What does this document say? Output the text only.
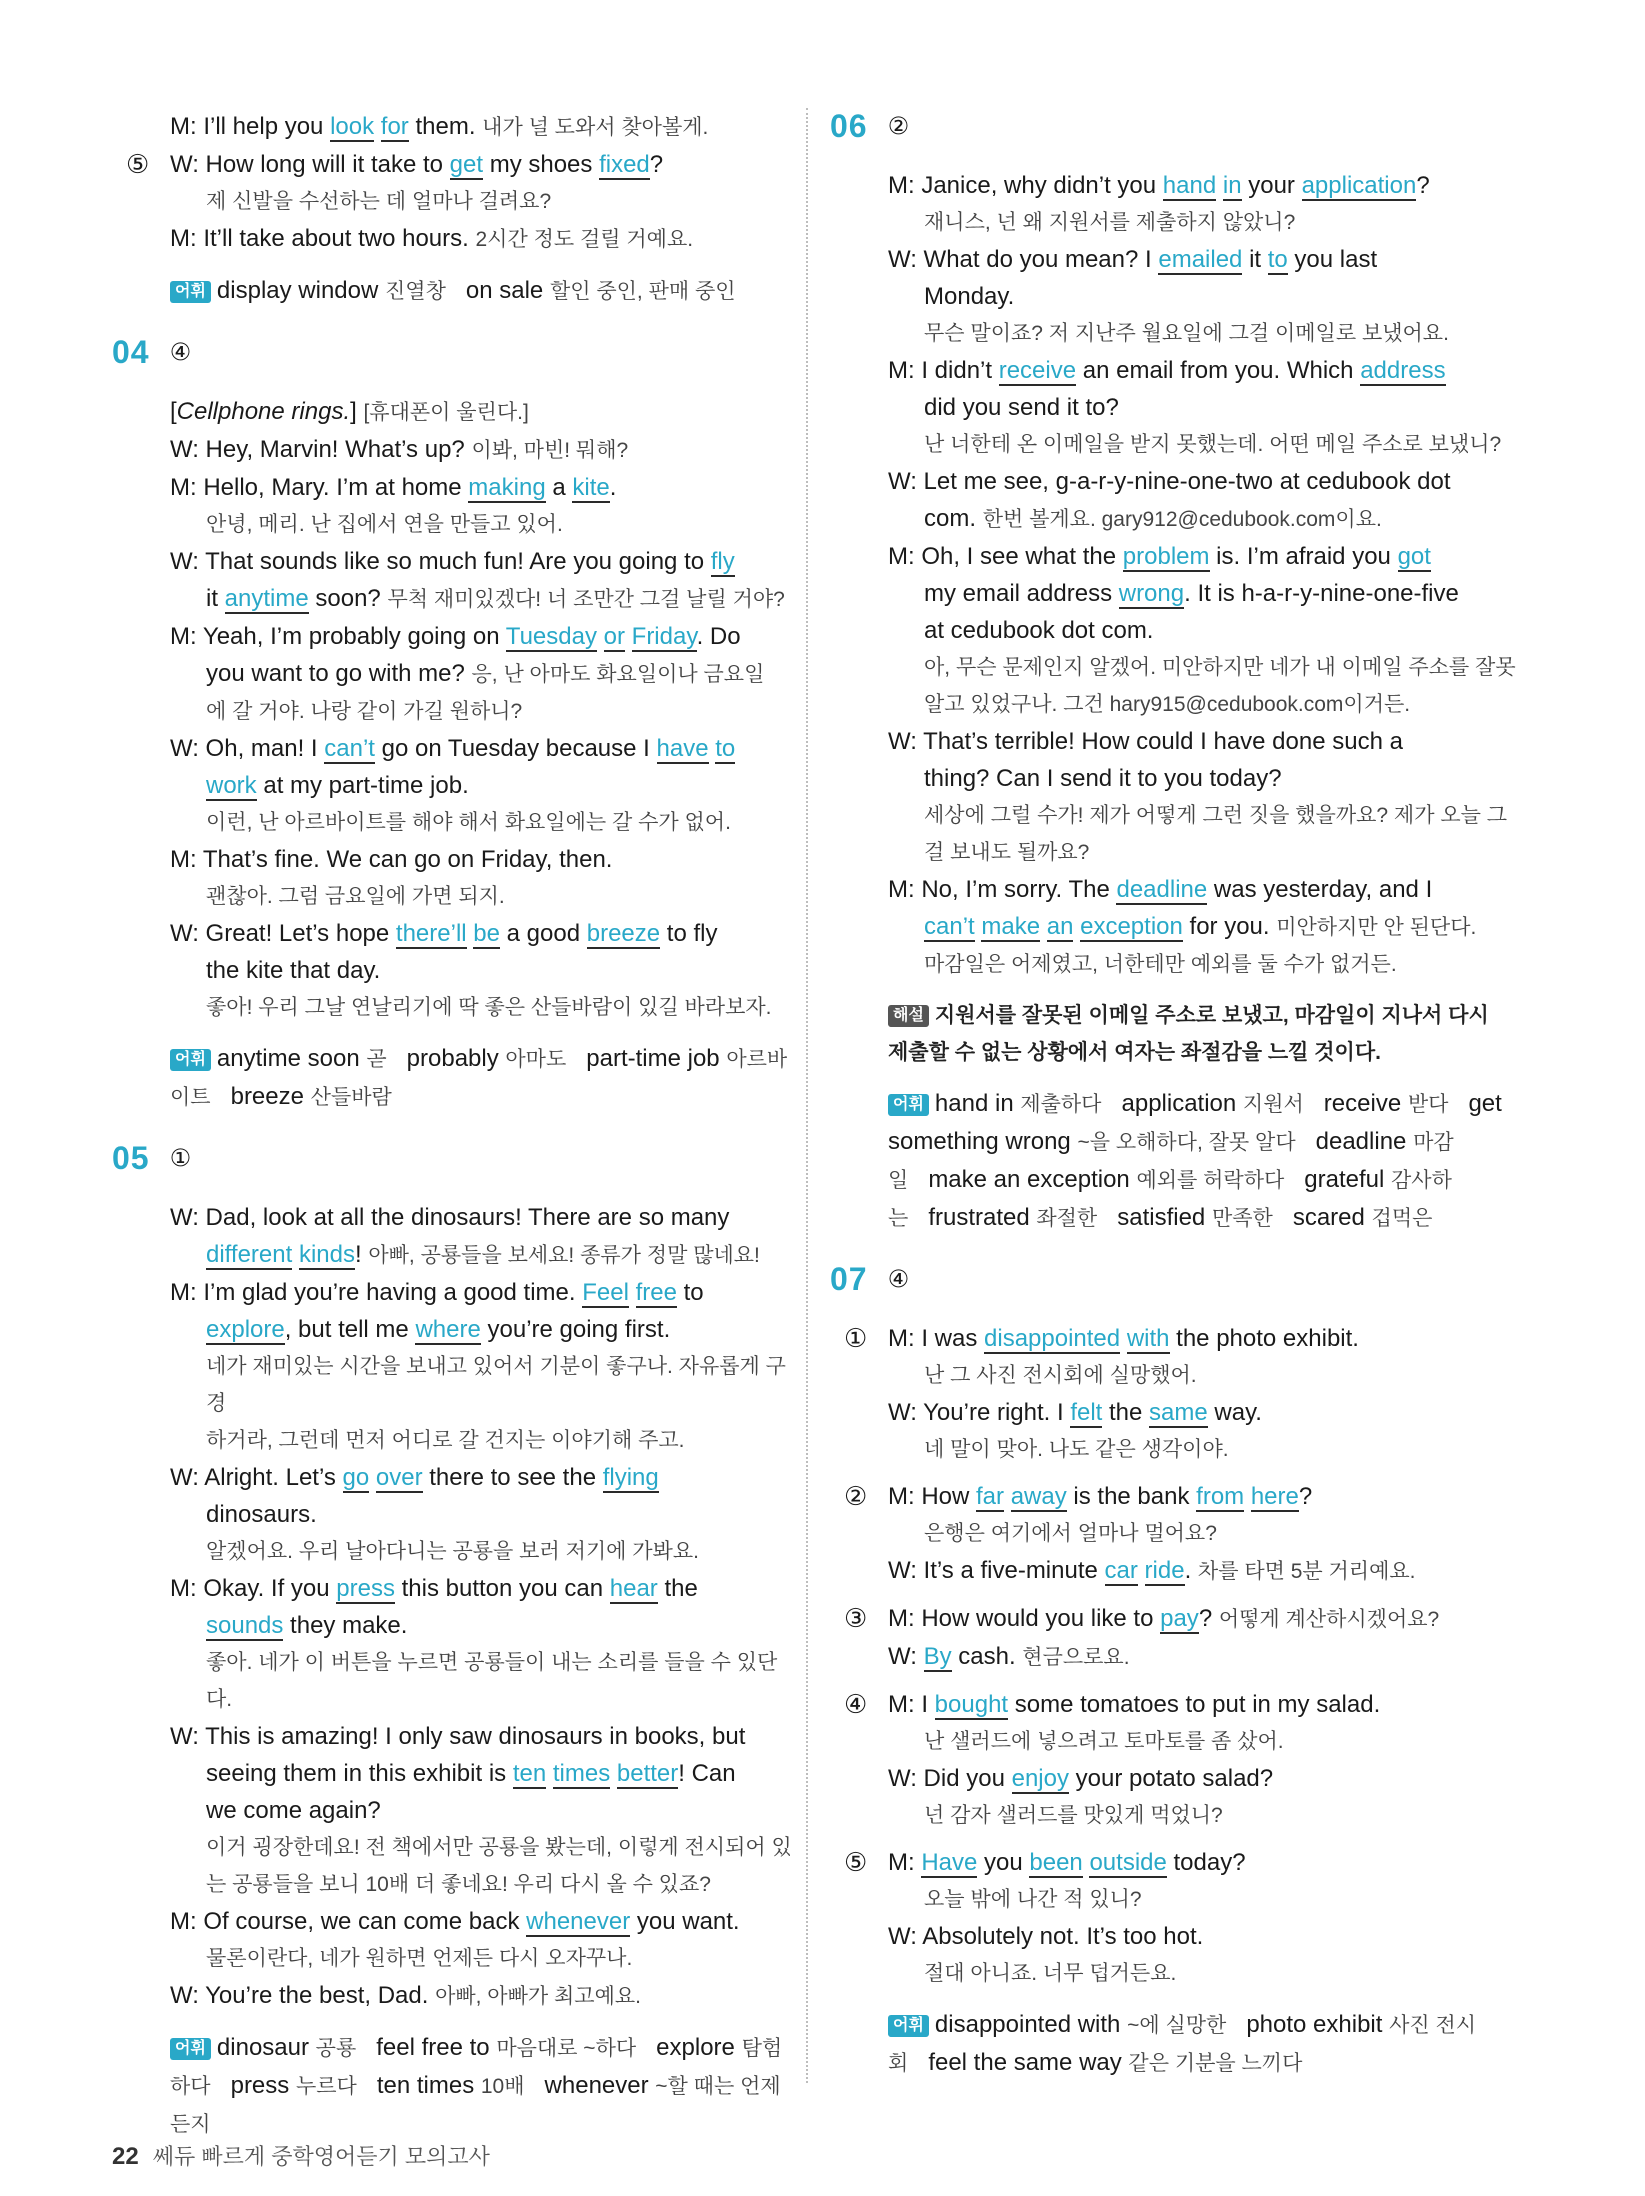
M: I’ll help you look for them. 내가 널 도와서 찾아볼게.
⑤ W: How long will it take to get my shoes fixed?
제 신발을 수선하는 데 얼마나 걸려요?
M: It’ll take about two hours. 2시간 정도 걸릴 거예요.
어휘 display window 진열창 on sale 할인 중인, 판매 중인
04 ④
[Cellphone rings.] [휴대폰이 울린다.]
W: Hey, Marvin! What’s up? 이봐, 마빈! 뭐해?
M: Hello, Mary. I’m at home making a kite.
안녕, 메리. 난 집에서 연을 만들고 있어.
W: That sounds like so much fun! Are you going to fly
it anytime soon? 무척 재미있겠다! 너 조만간 그걸 날릴 거야?
M: Yeah, I’m probably going on Tuesday or Friday. Do
you want to go with me? 응, 난 아마도 화요일이나 금요일
에 갈 거야. 나랑 같이 가길 원하니?
W: Oh, man! I can’t go on Tuesday because I have to
work at my part-time job.
이런, 난 아르바이트를 해야 해서 화요일에는 갈 수가 없어.
M: That’s fine. We can go on Friday, then.
괜찮아. 그럼 금요일에 가면 되지.
W: Great! Let’s hope there’ll be a good breeze to fly
the kite that day.
좋아! 우리 그날 연날리기에 딱 좋은 산들바람이 있길 바라보자.
어휘 anytime soon 곧 probably 아마도 part-time job 아르바이트 breeze 산들바람
05 ①
W: Dad, look at all the dinosaurs! There are so many
different kinds! 아빠, 공룡들을 보세요! 종류가 정말 많네요!
M: I’m glad you’re having a good time. Feel free to
explore, but tell me where you’re going first.
네가 재미있는 시간을 보내고 있어서 기분이 좋구나. 자유롭게 구경
하거라, 그런데 먼저 어디로 갈 건지는 이야기해 주고.
W: Alright. Let’s go over there to see the flying
dinosaurs.
알겠어요. 우리 날아다니는 공룡을 보러 저기에 가봐요.
M: Okay. If you press this button you can hear the
sounds they make.
좋아. 네가 이 버튼을 누르면 공룡들이 내는 소리를 들을 수 있단다.
W: This is amazing! I only saw dinosaurs in books, but
seeing them in this exhibit is ten times better! Can
we come again?
이거 굉장한데요! 전 책에서만 공룡을 봤는데, 이렇게 전시되어 있
는 공룡들을 보니 10배 더 좋네요! 우리 다시 올 수 있죠?
M: Of course, we can come back whenever you want.
물론이란다, 네가 원하면 언제든 다시 오자꾸나.
W: You’re the best, Dad. 아빠, 아빠가 최고예요.
어휘 dinosaur 공룡 feel free to 마음대로 ~하다 explore 탐험하다 press 누르다 ten times 10배 whenever ~할 때는 언제든지
06 ②
M: Janice, why didn’t you hand in your application?
재니스, 넌 왜 지원서를 제출하지 않았니?
W: What do you mean? I emailed it to you last
Monday.
무슨 말이죠? 저 지난주 월요일에 그걸 이메일로 보냈어요.
M: I didn’t receive an email from you. Which address
did you send it to?
난 너한테 온 이메일을 받지 못했는데. 어떤 메일 주소로 보냈니?
W: Let me see, g-a-r-y-nine-one-two at cedubook dot
com. 한번 볼게요. gary912@cedubook.com이요.
M: Oh, I see what the problem is. I’m afraid you got
my email address wrong. It is h-a-r-y-nine-one-five
at cedubook dot com.
아, 무슨 문제인지 알겠어. 미안하지만 네가 내 이메일 주소를 잘못
알고 있었구나. 그건 hary915@cedubook.com이거든.
W: That’s terrible! How could I have done such a
thing? Can I send it to you today?
세상에 그럴 수가! 제가 어떻게 그런 짓을 했을까요? 제가 오늘 그
걸 보내도 될까요?
M: No, I’m sorry. The deadline was yesterday, and I
can’t make an exception for you. 미안하지만 안 된단다.
마감일은 어제였고, 너한테만 예외를 둘 수가 없거든.
해설 지원서를 잘못된 이메일 주소로 보냈고, 마감일이 지나서 다시
제출할 수 없는 상황에서 여자는 좌절감을 느낄 것이다.
어휘 hand in 제출하다 application 지원서 receive 받다 get something wrong ~을 오해하다, 잘못 알다 deadline 마감일 make an exception 예외를 허락하다 grateful 감사하는 frustrated 좌절한 satisfied 만족한 scared 겁먹은
07 ④
① M: I was disappointed with the photo exhibit.
난 그 사진 전시회에 실망했어.
W: You’re right. I felt the same way.
네 말이 맞아. 나도 같은 생각이야.
② M: How far away is the bank from here?
은행은 여기에서 얼마나 멀어요?
W: It’s a five-minute car ride. 차를 타면 5분 거리예요.
③ M: How would you like to pay? 어떻게 계산하시겠어요?
W: By cash. 현금으로요.
④ M: I bought some tomatoes to put in my salad.
난 샐러드에 넣으려고 토마토를 좀 샀어.
W: Did you enjoy your potato salad?
넌 감자 샐러드를 맛있게 먹었니?
⑤ M: Have you been outside today?
오늘 밖에 나간 적 있니?
W: Absolutely not. It’s too hot.
절대 아니죠. 너무 덥거든요.
어휘 disappointed with ~에 실망한 photo exhibit 사진 전시회 feel the same way 같은 기분을 느끼다
22 쎄듀 빠르게 중학영어듣기 모의고사
